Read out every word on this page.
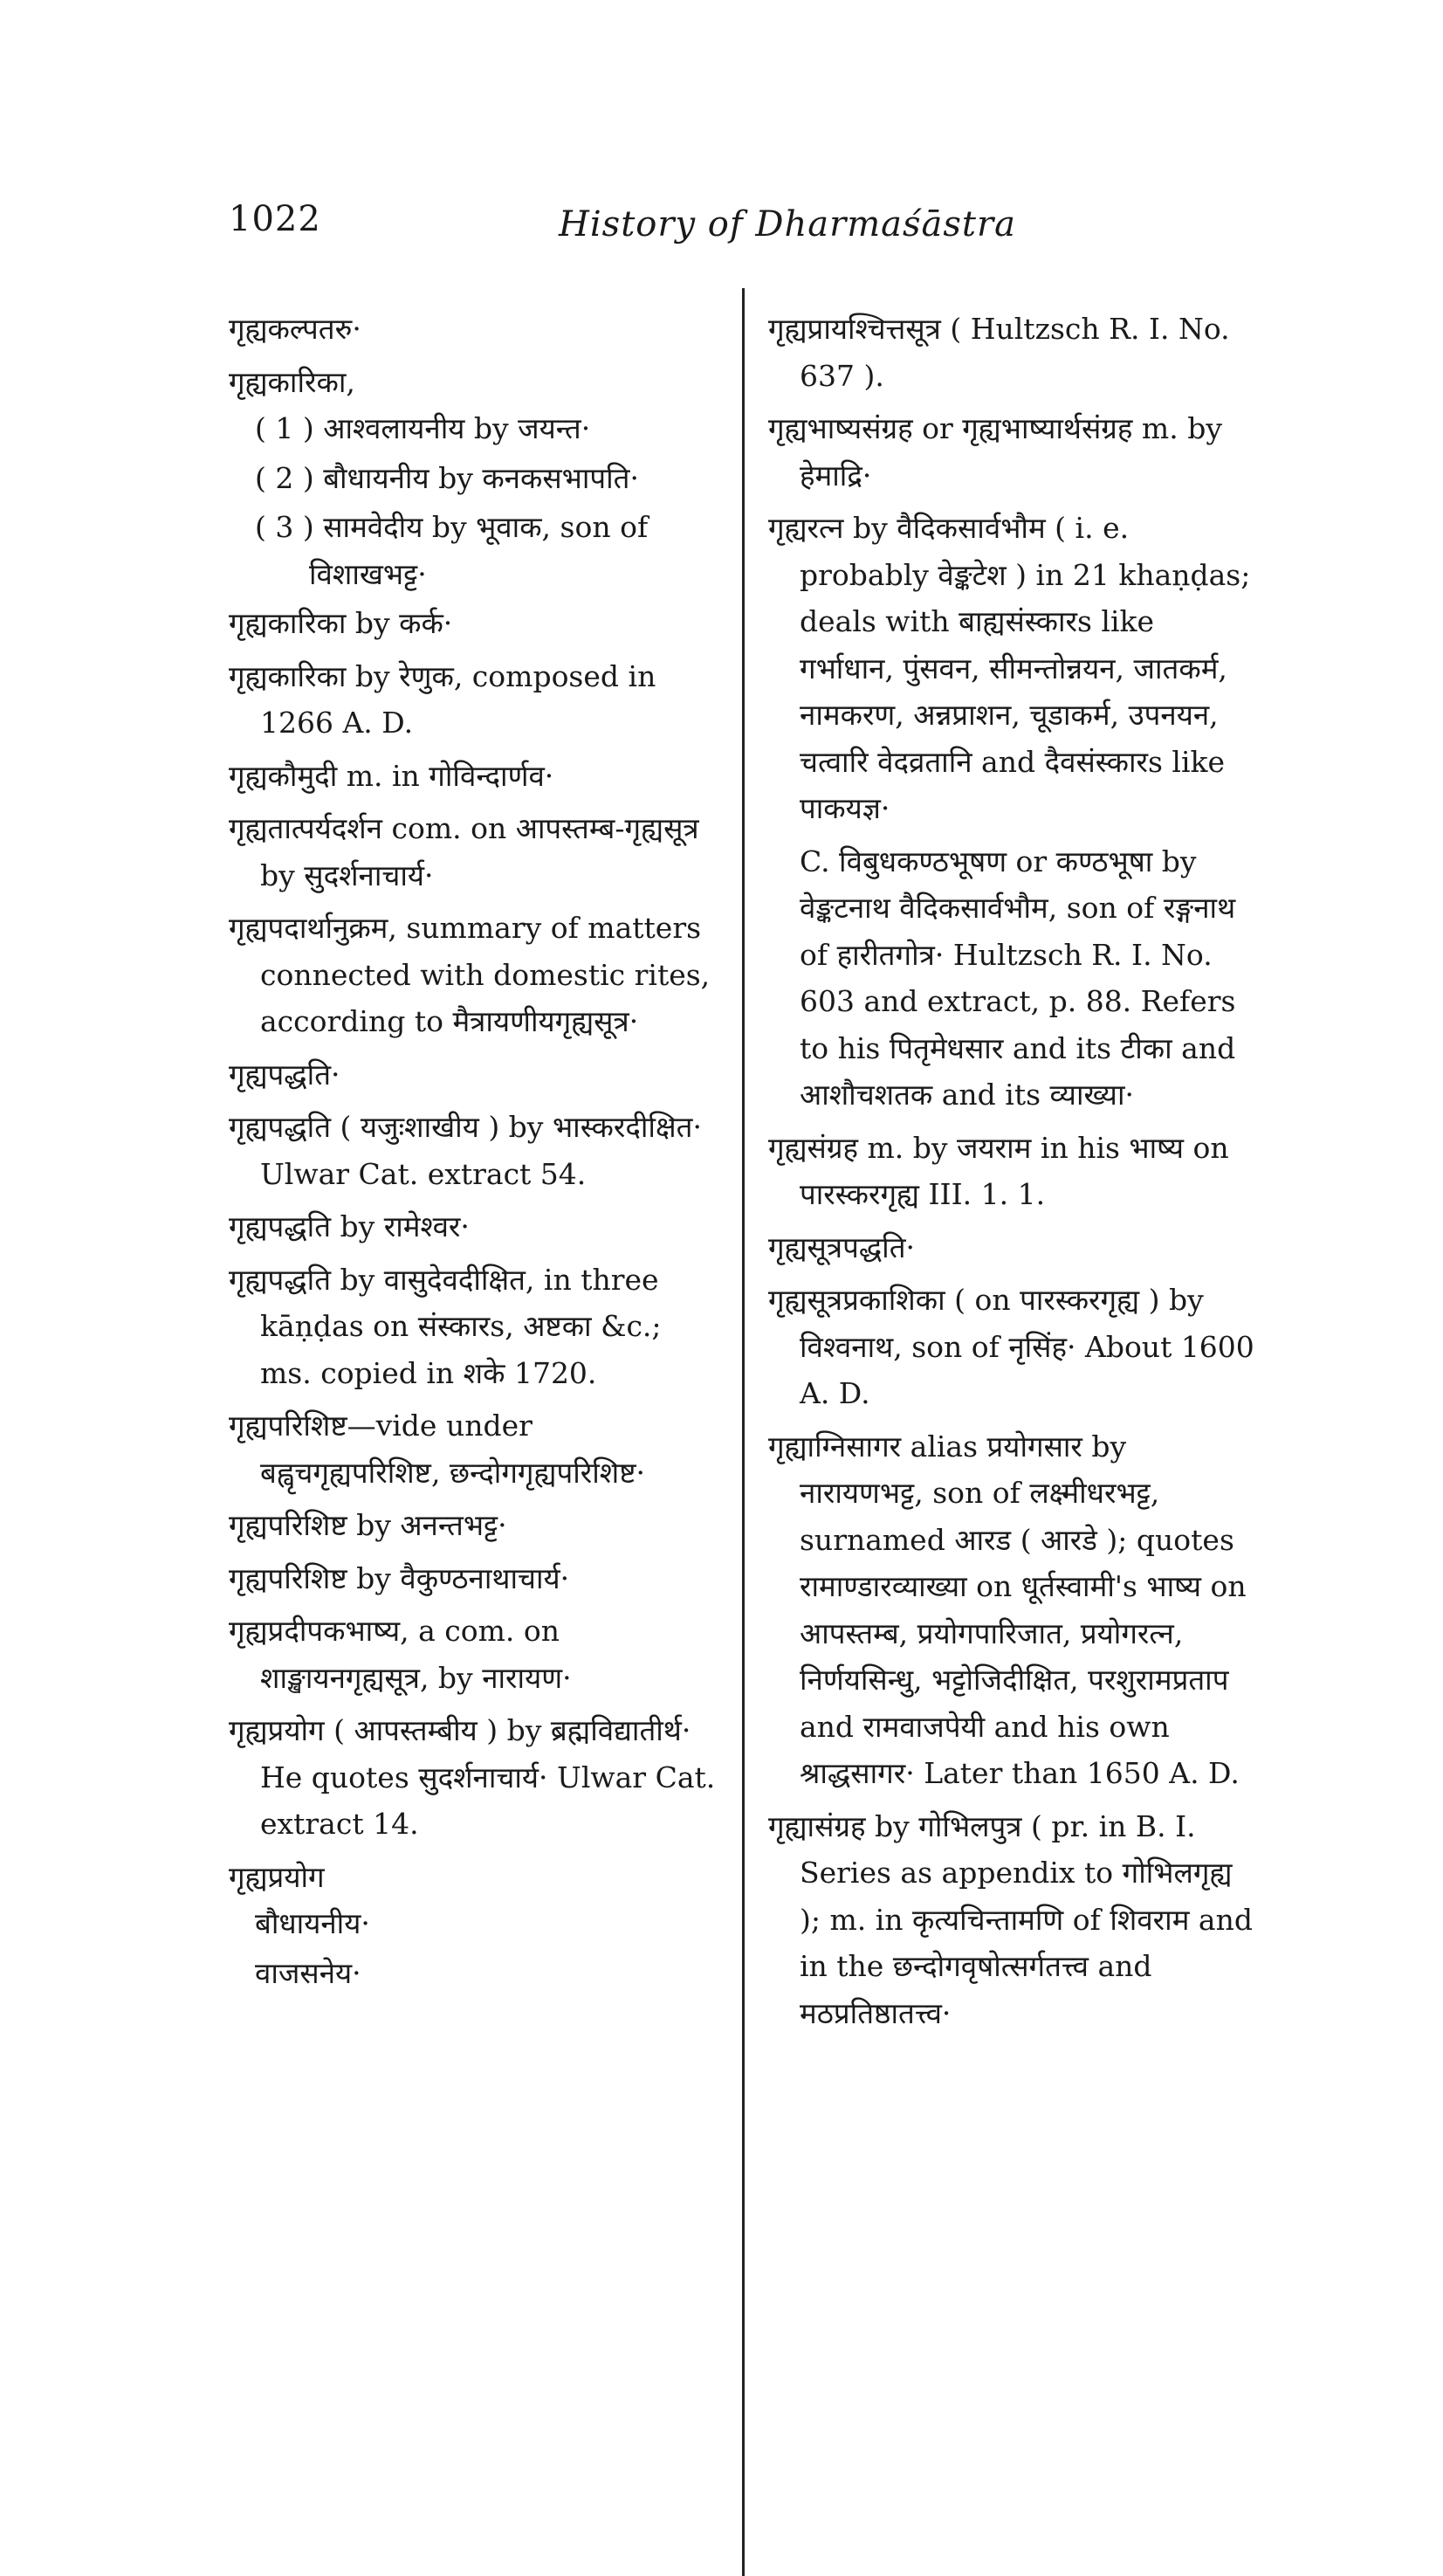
1022	History of Dharmaśāstra
गृह्यकल्पतरु·
गृह्यकारिका,
( 1 ) आश्वलायनीय by जयन्त·
( 2 ) बौधायनीय by कनकसभापति·
( 3 ) सामवेदीय by भूवाक, son of विशाखभट्ट·
गृह्यकारिका by कर्क·
गृह्यकारिका by रेणुक, composed in 1266 A. D.
गृह्यकौमुदी m. in गोविन्दार्णव·
गृह्यतात्पर्यदर्शन com. on आपस्तम्ब-गृह्यसूत्र by सुदर्शनाचार्य·
गृह्यपदार्थानुक्रम, summary of matters connected with domestic rites, according to मैत्रायणीयगृह्यसूत्र·
गृह्यपद्धति·
गृह्यपद्धति ( यजुःशाखीय ) by भास्करदीक्षित· Ulwar Cat. extract 54.
गृह्यपद्धति by रामेश्वर·
गृह्यपद्धति by वासुदेवदीक्षित, in three kāṇḍas on संस्कारs, अष्टका &c.; ms. copied in शके 1720.
गृह्यपरिशिष्ट—vide under बह्वृचगृह्यपरिशिष्ट, छन्दोगगृह्यपरिशिष्ट·
गृह्यपरिशिष्ट by अनन्तभट्ट·
गृह्यपरिशिष्ट by वैकुण्ठनाथाचार्य·
गृह्यप्रदीपकभाष्य, a com. on शाङ्खायनगृह्यसूत्र, by नारायण·
गृह्यप्रयोग ( आपस्तम्बीय ) by ब्रह्मविद्यातीर्थ· He quotes सुदर्शनाचार्य· Ulwar Cat. extract 14.
गृह्यप्रयोग
बौधायनीय·
वाजसनेय·
गृह्यप्रायश्चित्तसूत्र ( Hultzsch R. I. No. 637 ).
गृह्यभाष्यसंग्रह or गृह्यभाष्यार्थसंग्रह m. by हेमाद्रि·
गृह्यरत्न by वैदिकसार्वभौम ( i. e. probably वेङ्कटेश ) in 21 khaṇḍas; deals with बाह्यसंस्कारs like गर्भाधान, पुंसवन, सीमन्तोन्नयन, जातकर्म, नामकरण, अन्नप्राशन, चूडाकर्म, उपनयन, चत्वारि वेदव्रतानि and दैवसंस्कारs like पाकयज्ञ·
C. विबुधकण्ठभूषण or कण्ठभूषा by वेङ्कटनाथ वैदिकसार्वभौम, son of रङ्गनाथ of हारीतगोत्र· Hultzsch R. I. No. 603 and extract, p. 88. Refers to his पितृमेधसार and its टीका and आशौचशतक and its व्याख्या·
गृह्यसंग्रह m. by जयराम in his भाष्य on पारस्करगृह्य III. 1. 1.
गृह्यसूत्रपद्धति·
गृह्यसूत्रप्रकाशिका ( on पारस्करगृह्य ) by विश्वनाथ, son of नृसिंह· About 1600 A. D.
गृह्याग्निसागर alias प्रयोगसार by नारायणभट्ट, son of लक्ष्मीधरभट्ट, surnamed आरड ( आरडे ); quotes रामाण्डारव्याख्या on धूर्तस्वामी's भाष्य on आपस्तम्ब, प्रयोगपारिजात, प्रयोगरत्न, निर्णयसिन्धु, भट्टोजिदीक्षित, परशुरामप्रताप and रामवाजपेयी and his own श्राद्धसागर· Later than 1650 A. D.
गृह्यासंग्रह by गोभिलपुत्र ( pr. in B. I. Series as appendix to गोभिलगृह्य ); m. in कृत्यचिन्तामणि of शिवराम and in the छन्दोगवृषोत्सर्गतत्त्व and मठप्रतिष्ठातत्त्व·
